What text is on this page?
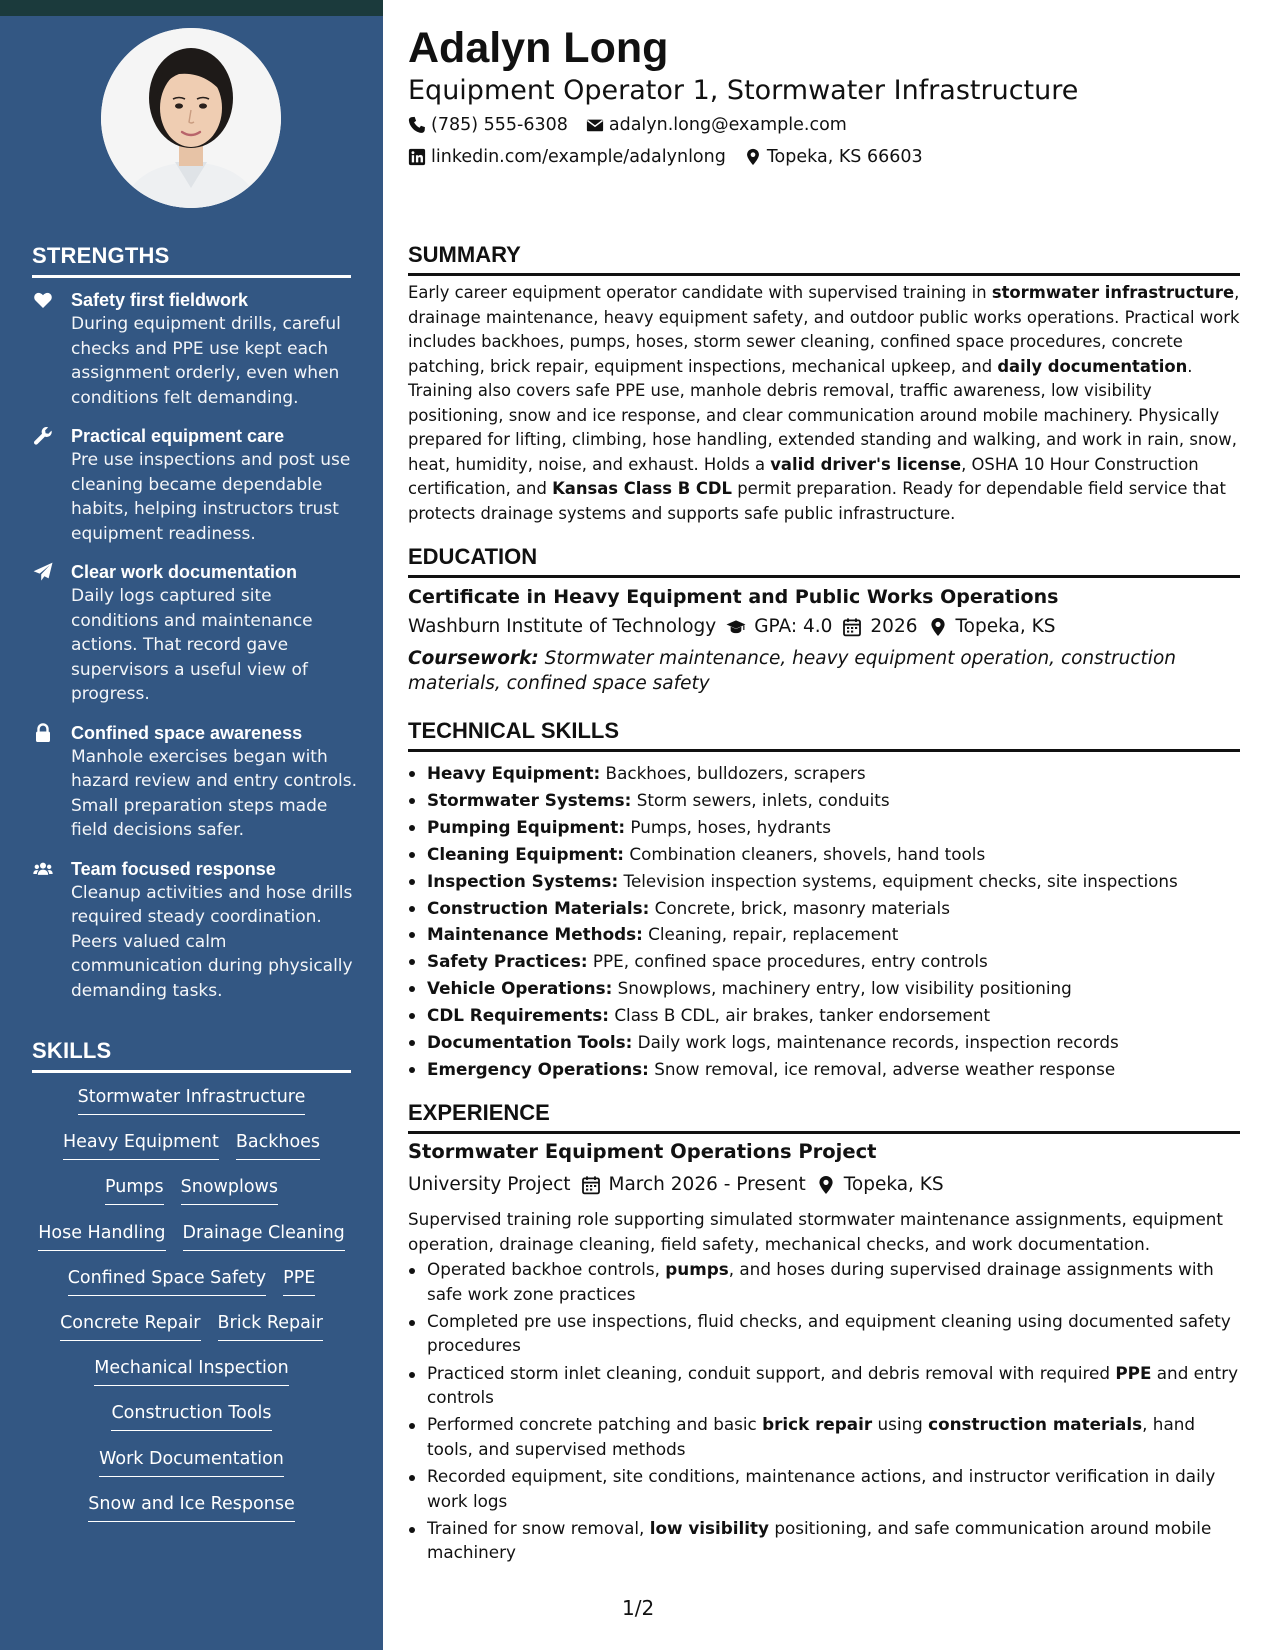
STRENGTHS
Safety first fieldwork
During equipment drills, careful checks and PPE use kept each assignment orderly, even when conditions felt demanding.
Practical equipment care
Pre use inspections and post use cleaning became dependable habits, helping instructors trust equipment readiness.
Clear work documentation
Daily logs captured site conditions and maintenance actions. That record gave supervisors a useful view of progress.
Confined space awareness
Manhole exercises began with hazard review and entry controls. Small preparation steps made field decisions safer.
Team focused response
Cleanup activities and hose drills required steady coordination. Peers valued calm communication during physically demanding tasks.
SKILLS
Stormwater Infrastructure
Heavy Equipment Backhoes
Pumps Snowplows
Hose Handling Drainage Cleaning
Confined Space Safety PPE
Concrete Repair Brick Repair
Mechanical Inspection
Construction Tools
Work Documentation
Snow and Ice Response
Adalyn Long
Equipment Operator 1, Stormwater Infrastructure
(785) 555-6308 adalyn.long@example.com
linkedin.com/example/adalynlong Topeka, KS 66603
SUMMARY

Early career equipment operator candidate with supervised training in stormwater infrastructure, drainage maintenance, heavy equipment safety, and outdoor public works operations. Practical work includes backhoes, pumps, hoses, storm sewer cleaning, confined space procedures, concrete patching, brick repair, equipment inspections, mechanical upkeep, and daily documentation. Training also covers safe PPE use, manhole debris removal, traffic awareness, low visibility positioning, snow and ice response, and clear communication around mobile machinery. Physically prepared for lifting, climbing, hose handling, extended standing and walking, and work in rain, snow, heat, humidity, noise, and exhaust. Holds a valid driver's license, OSHA 10 Hour Construction certification, and Kansas Class B CDL permit preparation. Ready for dependable field service that protects drainage systems and supports safe public infrastructure.

EDUCATION
Certificate in Heavy Equipment and Public Works Operations
Washburn Institute of Technology GPA: 4.0 2026 Topeka, KS

Coursework: Stormwater maintenance, heavy equipment operation, construction materials, confined space safety

TECHNICAL SKILLS
Heavy Equipment: Backhoes, bulldozers, scrapers
Stormwater Systems: Storm sewers, inlets, conduits
Pumping Equipment: Pumps, hoses, hydrants
Cleaning Equipment: Combination cleaners, shovels, hand tools
Inspection Systems: Television inspection systems, equipment checks, site inspections
Construction Materials: Concrete, brick, masonry materials
Maintenance Methods: Cleaning, repair, replacement
Safety Practices: PPE, confined space procedures, entry controls
Vehicle Operations: Snowplows, machinery entry, low visibility positioning
CDL Requirements: Class B CDL, air brakes, tanker endorsement
Documentation Tools: Daily work logs, maintenance records, inspection records
Emergency Operations: Snow removal, ice removal, adverse weather response
EXPERIENCE
Stormwater Equipment Operations Project
University Project March 2026 - Present Topeka, KS

Supervised training role supporting simulated stormwater maintenance assignments, equipment operation, drainage cleaning, field safety, mechanical checks, and work documentation.

Operated backhoe controls, pumps, and hoses during supervised drainage assignments with safe work zone practices
Completed pre use inspections, fluid checks, and equipment cleaning using documented safety procedures
Practiced storm inlet cleaning, conduit support, and debris removal with required PPE and entry controls
Performed concrete patching and basic brick repair using construction materials, hand tools, and supervised methods
Recorded equipment, site conditions, maintenance actions, and instructor verification in daily work logs
Trained for snow removal, low visibility positioning, and safe communication around mobile machinery
1/2
